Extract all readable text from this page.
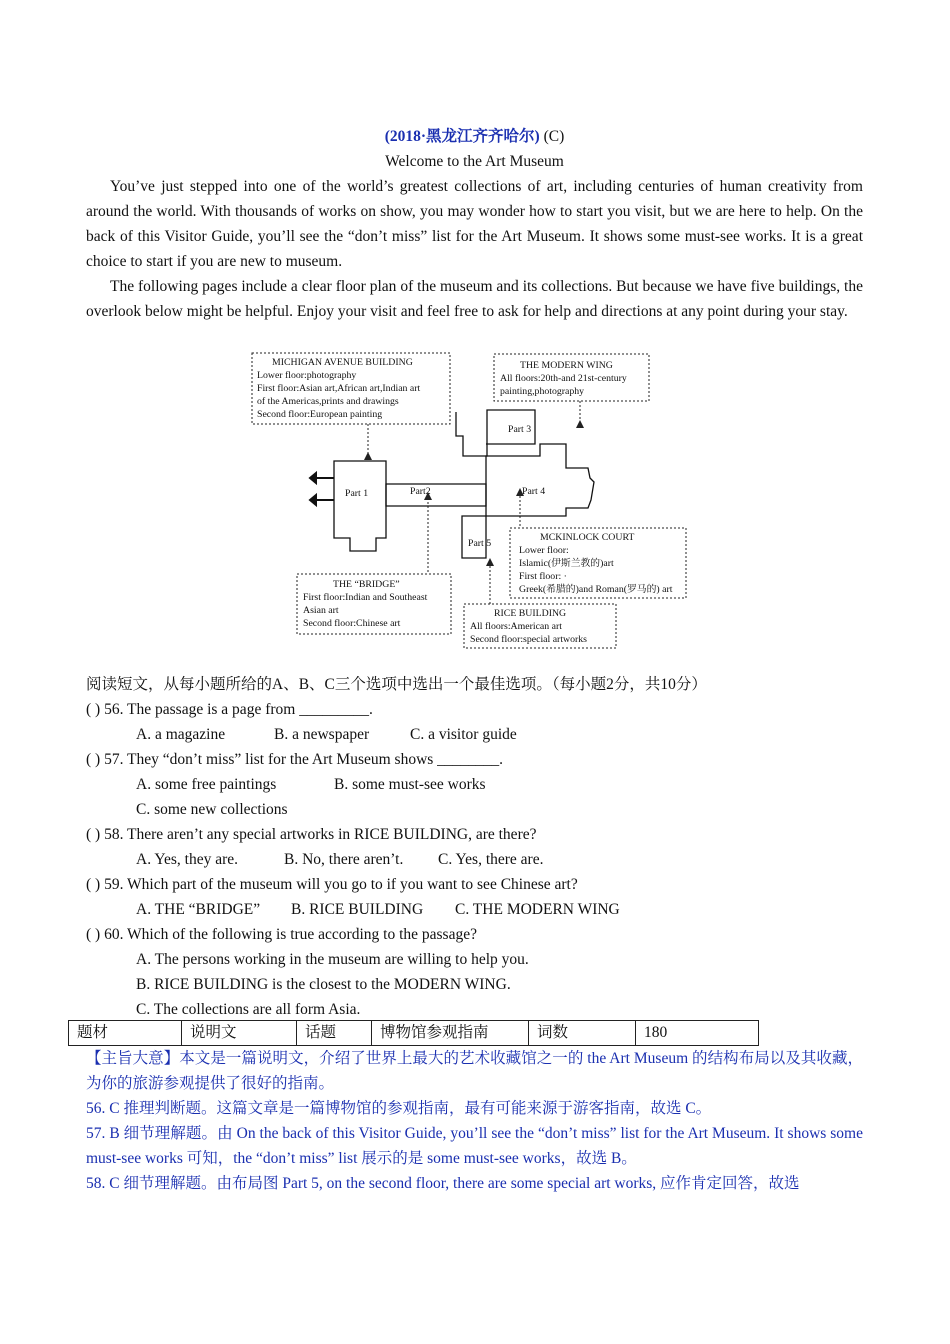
(2018·黑龙江齐齐哈尔) (C)
Welcome to the Art Museum

You’ve just stepped into one of the world’s greatest collections of art, including centuries of human creativity from around the world. With thousands of works on show, you may wonder how to start you visit, but we are here to help. On the back of this Visitor Guide, you’ll see the “don’t miss” list for the Art Museum. It shows some must-see works. It is a great choice to start if you are new to museum.

The following pages include a clear floor plan of the museum and its collections. But because we have five buildings, the overlook below might be helpful. Enjoy your visit and feel free to ask for help and directions at any point during your stay.

MICHIGAN AVENUE BUILDING
Lower floor:photography
First floor:Asian art,African art,Indian art
of the Americas,prints and drawings
Second floor:European painting
THE MODERN WING
All floors:20th-and 21st-century
painting,photography
THE “BRIDGE”
First floor:Indian and Southeast
Asian art
Second floor:Chinese art
MCKINLOCK COURT
Lower floor:
Islamic(伊斯兰教的)art
First floor: ·
Greek(希腊的)and Roman(罗马的) art
RICE BUILDING
All floors:American art
Second floor:special artworks
Part 1	Part2
Part 3
Part 4
Part 5
阅读短文，从每小题所给的A、B、C三个选项中选出一个最佳选项。（每小题2分，共10分）
( ) 56. The passage is a page from _________.
A. a magazine	B. a newspaper	C. a visitor guide
( ) 57. They “don’t miss” list for the Art Museum shows ________.
A. some free paintings	B. some must-see works
C. some new collections
( ) 58. There aren’t any special artworks in RICE BUILDING, are there?
A. Yes, they are.	B. No, there aren’t. C. Yes, there are.
( ) 59. Which part of the museum will you go to if you want to see Chinese art?
A. THE “BRIDGE” B. RICE BUILDING C. THE MODERN WING
( ) 60. Which of the following is true according to the passage?
A. The persons working in the museum are willing to help you.
B. RICE BUILDING is the closest to the MODERN WING.
C. The collections are all form Asia.
题材	说明文	话题	博物馆参观指南	词数	180
【主旨大意】本文是一篇说明文，介绍了世界上最大的艺术收藏馆之一的 the Art Museum 的结构布局以及其收藏，为你的旅游参观提供了很好的指南。
56. C 推理判断题。这篇文章是一篇博物馆的参观指南，最有可能来源于游客指南，故选 C。
57. B 细节理解题。由 On the back of this Visitor Guide, you’ll see the “don’t miss” list for the Art Museum. It shows some must-see works 可知，the “don’t miss” list 展示的是 some must-see works，故选 B。
58. C 细节理解题。由布局图 Part 5, on the second floor, there are some special art works, 应作肯定回答，故选
